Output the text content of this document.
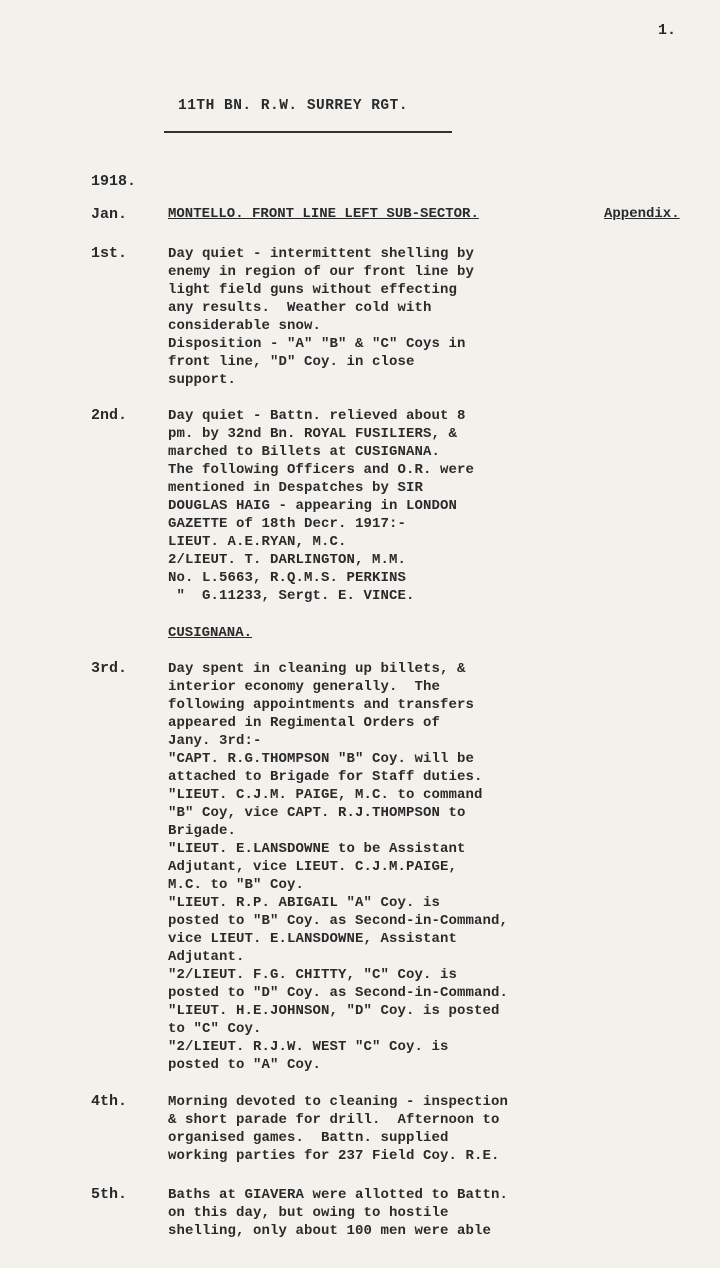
1.
11TH BN. R.W. SURREY RGT.
1918.
Jan.	MONTELLO. FRONT LINE LEFT SUB-SECTOR.	Appendix.
1st.	Day quiet - intermittent shelling by
enemy in region of our front line by
light field guns without effecting
any results.  Weather cold with
considerable snow.
Disposition - "A" "B" & "C" Coys in
front line, "D" Coy. in close
support.
2nd.	Day quiet - Battn. relieved about 8
pm. by 32nd Bn. ROYAL FUSILIERS, &
marched to Billets at CUSIGNANA.
The following Officers and O.R. were
mentioned in Despatches by SIR
DOUGLAS HAIG - appearing in LONDON
GAZETTE of 18th Decr. 1917:-
LIEUT. A.E.RYAN, M.C.
2/LIEUT. T. DARLINGTON, M.M.
No. L.5663, R.Q.M.S. PERKINS
"  G.11233, Sergt. E. VINCE.
CUSIGNANA.
3rd.	Day spent in cleaning up billets, &
interior economy generally.  The
following appointments and transfers
appeared in Regimental Orders of
Jany. 3rd:-
"CAPT. R.G.THOMPSON "B" Coy. will be
attached to Brigade for Staff duties.
"LIEUT. C.J.M. PAIGE, M.C. to command
"B" Coy, vice CAPT. R.J.THOMPSON to
Brigade.
"LIEUT. E.LANSDOWNE to be Assistant
Adjutant, vice LIEUT. C.J.M.PAIGE,
M.C. to "B" Coy.
"LIEUT. R.P. ABIGAIL "A" Coy. is
posted to "B" Coy. as Second-in-Command,
vice LIEUT. E.LANSDOWNE, Assistant
Adjutant.
"2/LIEUT. F.G. CHITTY, "C" Coy. is
posted to "D" Coy. as Second-in-Command.
"LIEUT. H.E.JOHNSON, "D" Coy. is posted
to "C" Coy.
"2/LIEUT. R.J.W. WEST "C" Coy. is
posted to "A" Coy.
4th.	Morning devoted to cleaning - inspection
& short parade for drill.  Afternoon to
organised games.  Battn. supplied
working parties for 237 Field Coy. R.E.
5th.	Baths at GIAVERA were allotted to Battn.
on this day, but owing to hostile
shelling, only about 100 men were able
